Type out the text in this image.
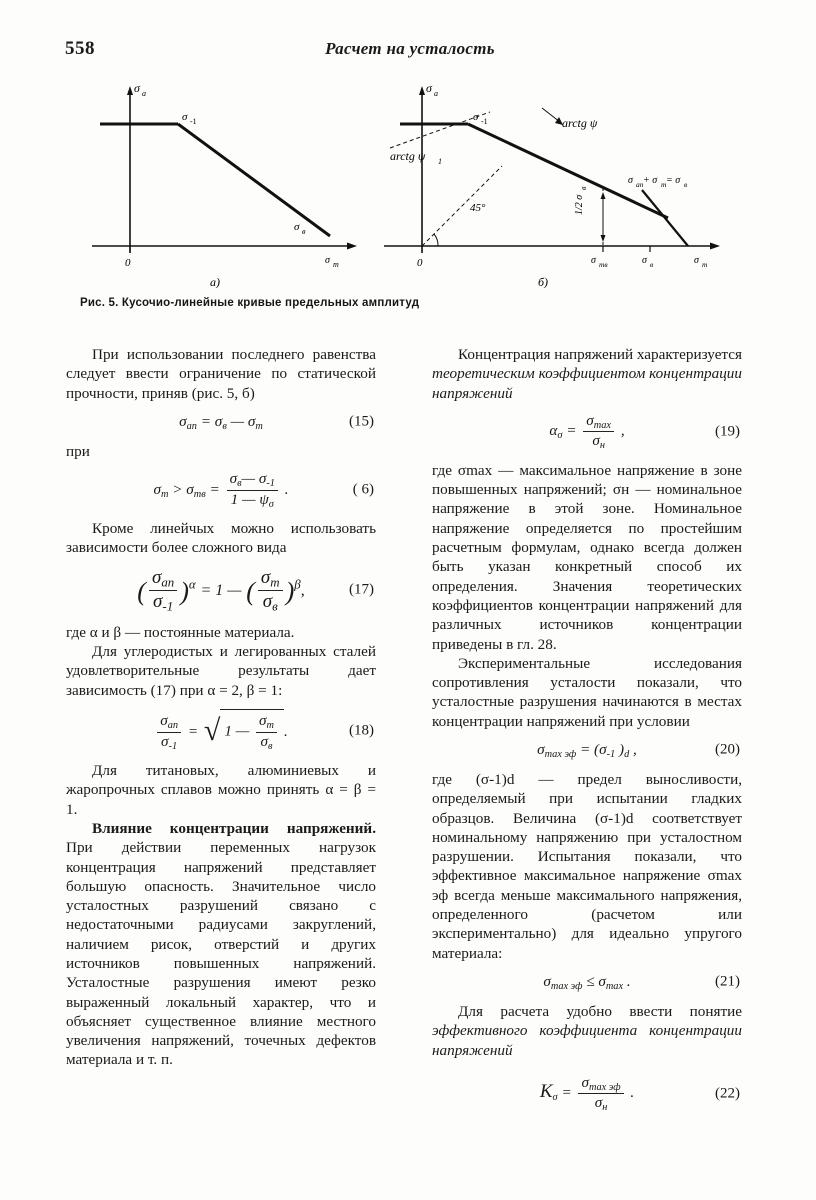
558	Расчет на усталость
σ a
σ -1
σ в
0	σ т
а)
σ a
σ -1	arctg ψ
arctg ψ 1
45°	1/2 σ
в
σ ап + σ т = σ в
0	σ тв	σ в	σ т
б)
Рис. 5. Кусочио-линейные кривые предельных амплитуд

При использовании последнего равенства следует ввести ограничение по статической прочности, приняв (рис. 5, б)

$\sigma_{ап} = \sigma_в$ — $\sigma_m$	(15)

при

$\sigma_m > \sigma_{тв} = \frac{\sigma_в— \sigma_{-1}}{1 — \psi_\sigma}$ .	( 6)

Кроме линейчых можно использовать зависимости более сложного вида

( $\frac{\sigma_{ап}}{\sigma_{-1}} )^\alpha = 1$ — ( $\frac{\sigma_m}{\sigma_в} )^\beta$,	(17)

где α и β — постоянные материала.

Для углеродистых и легированных сталей удовлетворительные результаты дает зависимость (17) при α = 2, β = 1:

$\frac{\sigma_{ап}}{\sigma_{-1}}$ = √ 1 — $\frac{\sigma_m}{\sigma_в}$ .	(18)

Для титановых, алюминиевых и жаропрочных сплавов можно принять α = β = 1.

Влияние концентрации напряжений. При действии переменных нагрузок концентрация напряжений представляет большую опасность. Значительное число усталостных разрушений связано с недостаточными радиусами закруглений, наличием рисок, отверстий и других источников повышенных напряжений. Усталостные разрушения имеют резко выраженный локальный характер, что и объясняет существенное влияние местного увеличения напряжений, точечных дефектов материала и т. п.

Концентрация напряжений характеризуется теоретическим коэффициентом концентрации напряжений

$\alpha_\sigma = \frac{\sigma_{max}}{\sigma_н}$ ,	(19)

где σmax — максимальное напряжение в зоне повышенных напряжений; σн — номинальное напряжение в этой зоне. Номинальное напряжение определяется по простейшим расчетным формулам, однако всегда должен быть указан конкретный способ их определения. Значения теоретических коэффициентов концентрации напряжений для различных источников концентрации приведены в гл. 28.

Экспериментальные исследования сопротивления усталости показали, что усталостные разрушения начинаются в местах концентрации напряжений при условии

$\sigma_{max эф} = (\sigma_{-1}$ )$_d$ ,	(20)

где (σ-1)d — предел выносливости, определяемый при испытании гладких образцов. Величина (σ-1)d соответствует номинальному напряжению при усталостном разрушении. Испытания показали, что эффективное максимальное напряжение σmax эф всегда меньше максимального напряжения, определенного (расчетом или экспериментально) для идеально упругого материала:

$\sigma_{max эф} \le \sigma_{max}$ .	(21)

Для расчета удобно ввести понятие эффективного коэффициента концентрации напряжений

$K_\sigma = \frac{\sigma_{max эф}}{\sigma_н}$ .	(22)
